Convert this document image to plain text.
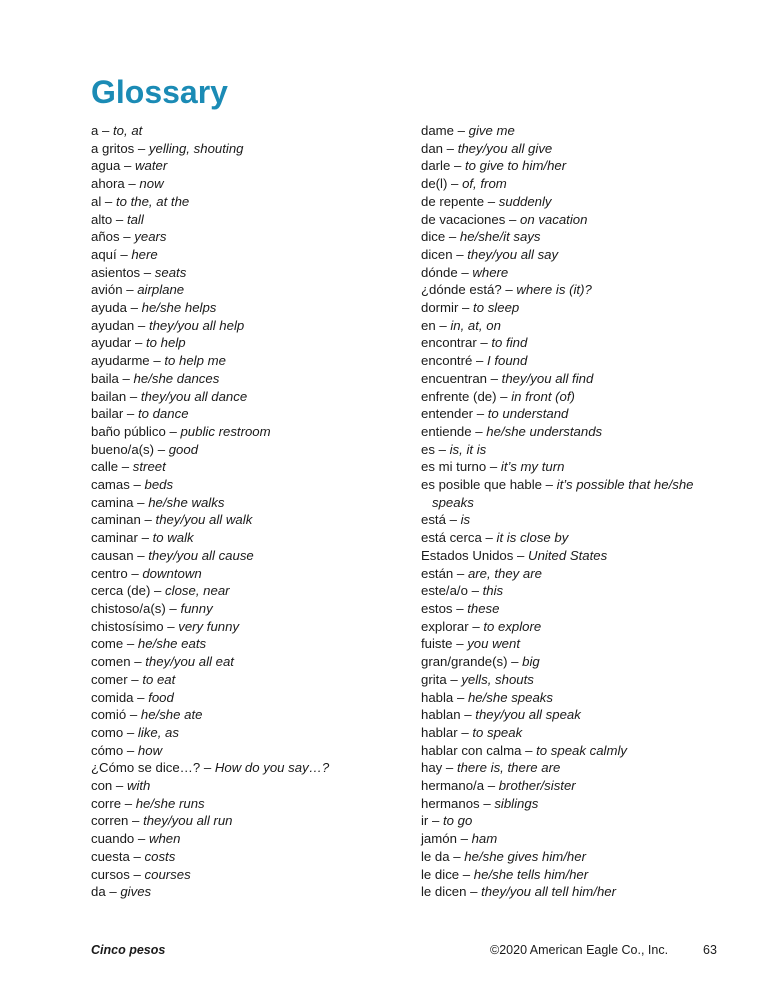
Glossary
a – to, at
a gritos – yelling, shouting
agua – water
ahora – now
al – to the, at the
alto – tall
años – years
aquí – here
asientos – seats
avión – airplane
ayuda – he/she helps
ayudan – they/you all help
ayudar – to help
ayudarme – to help me
baila – he/she dances
bailan – they/you all dance
bailar – to dance
baño público – public restroom
bueno/a(s) – good
calle – street
camas – beds
camina – he/she walks
caminan – they/you all walk
caminar – to walk
causan – they/you all cause
centro – downtown
cerca (de) – close, near
chistoso/a(s) – funny
chistosísimo – very funny
come – he/she eats
comen – they/you all eat
comer – to eat
comida – food
comió – he/she ate
como – like, as
cómo – how
¿Cómo se dice…? – How do you say…?
con – with
corre – he/she runs
corren – they/you all run
cuando – when
cuesta – costs
cursos – courses
da – gives
dame – give me
dan – they/you all give
darle – to give to him/her
de(l) – of, from
de repente – suddenly
de vacaciones – on vacation
dice – he/she/it says
dicen – they/you all say
dónde – where
¿dónde está? – where is (it)?
dormir – to sleep
en – in, at, on
encontrar – to find
encontré – I found
encuentran – they/you all find
enfrente (de) – in front (of)
entender – to understand
entiende – he/she understands
es – is, it is
es mi turno – it’s my turn
es posible que hable – it’s possible that he/she speaks
está – is
está cerca – it is close by
Estados Unidos – United States
están – are, they are
este/a/o – this
estos – these
explorar – to explore
fuiste – you went
gran/grande(s) – big
grita – yells, shouts
habla – he/she speaks
hablan – they/you all speak
hablar – to speak
hablar con calma – to speak calmly
hay – there is, there are
hermano/a – brother/sister
hermanos – siblings
ir – to go
jamón – ham
le da – he/she gives him/her
le dice – he/she tells him/her
le dicen – they/you all tell him/her
Cinco pesos	©2020 American Eagle Co., Inc.	63
